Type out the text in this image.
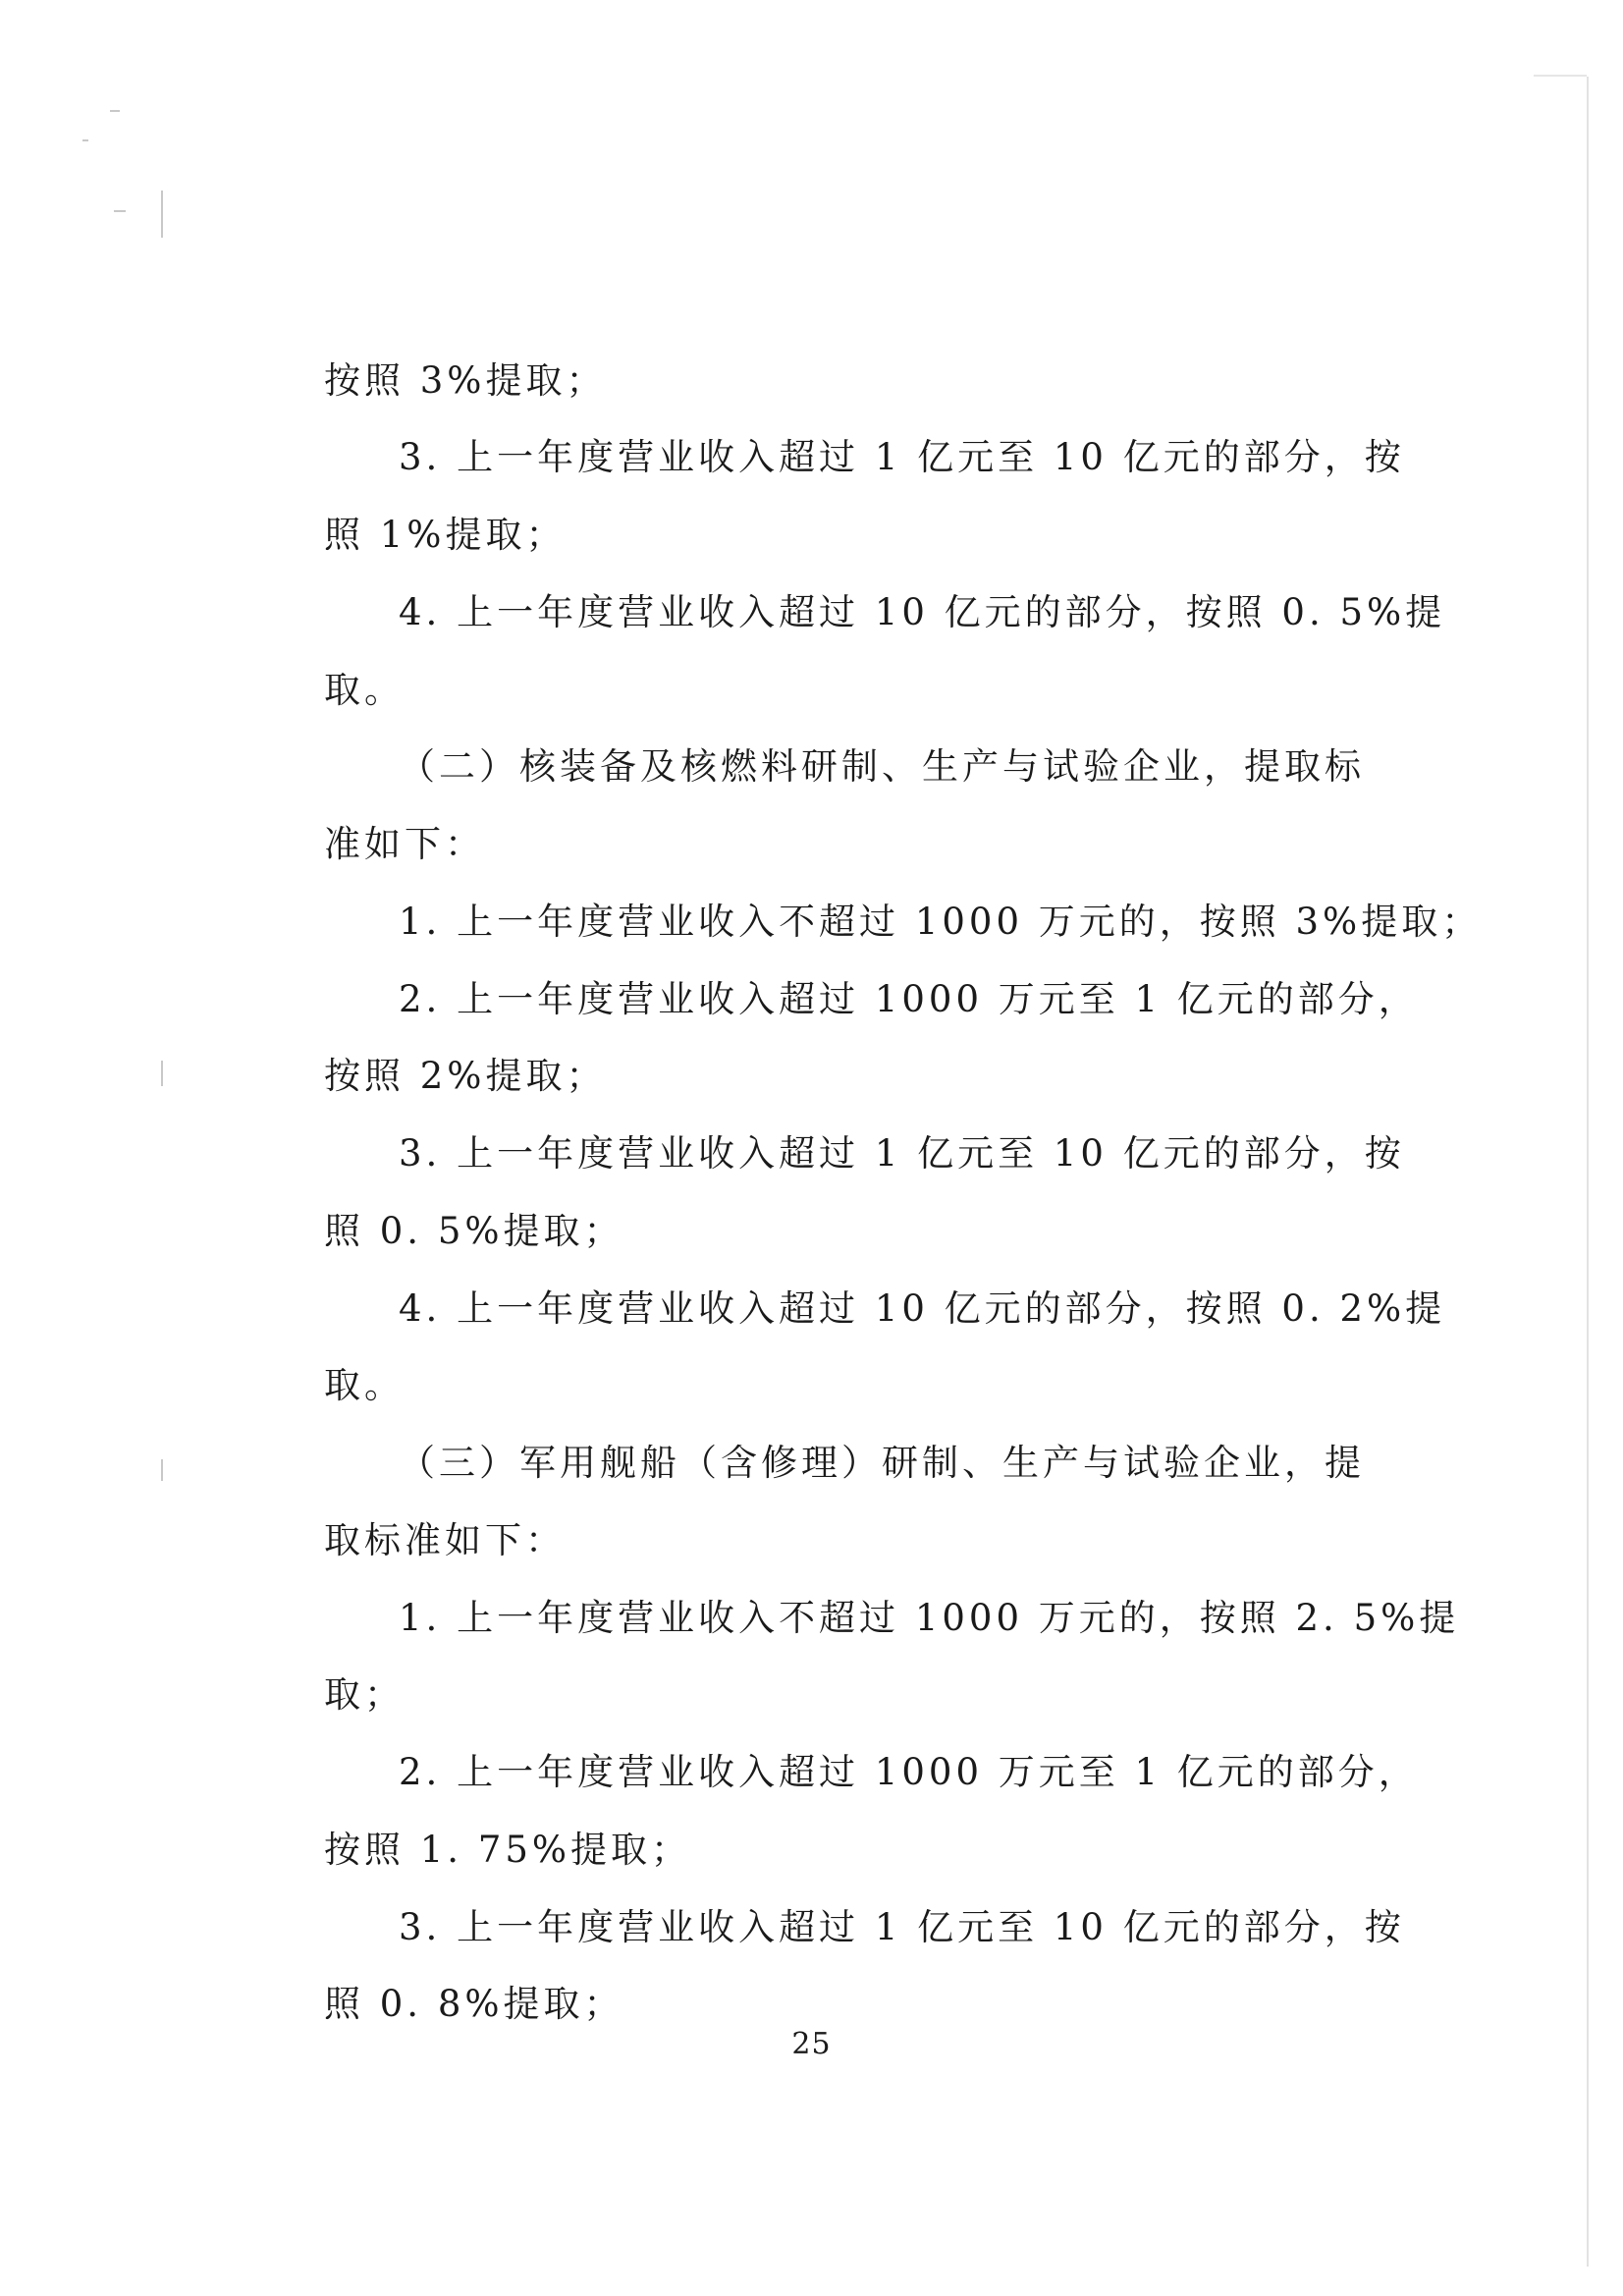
按照 3%提取；
3. 上一年度营业收入超过 1 亿元至 10 亿元的部分，按
照 1%提取；
4. 上一年度营业收入超过 10 亿元的部分，按照 0. 5%提
取。
（二）核装备及核燃料研制、生产与试验企业，提取标
准如下：
1. 上一年度营业收入不超过 1000 万元的，按照 3%提取；
2. 上一年度营业收入超过 1000 万元至 1 亿元的部分，
按照 2%提取；
3. 上一年度营业收入超过 1 亿元至 10 亿元的部分，按
照 0. 5%提取；
4. 上一年度营业收入超过 10 亿元的部分，按照 0. 2%提
取。
（三）军用舰船（含修理）研制、生产与试验企业，提
取标准如下：
1. 上一年度营业收入不超过 1000 万元的，按照 2. 5%提
取；
2. 上一年度营业收入超过 1000 万元至 1 亿元的部分，
按照 1. 75%提取；
3. 上一年度营业收入超过 1 亿元至 10 亿元的部分，按
照 0. 8%提取；
25
